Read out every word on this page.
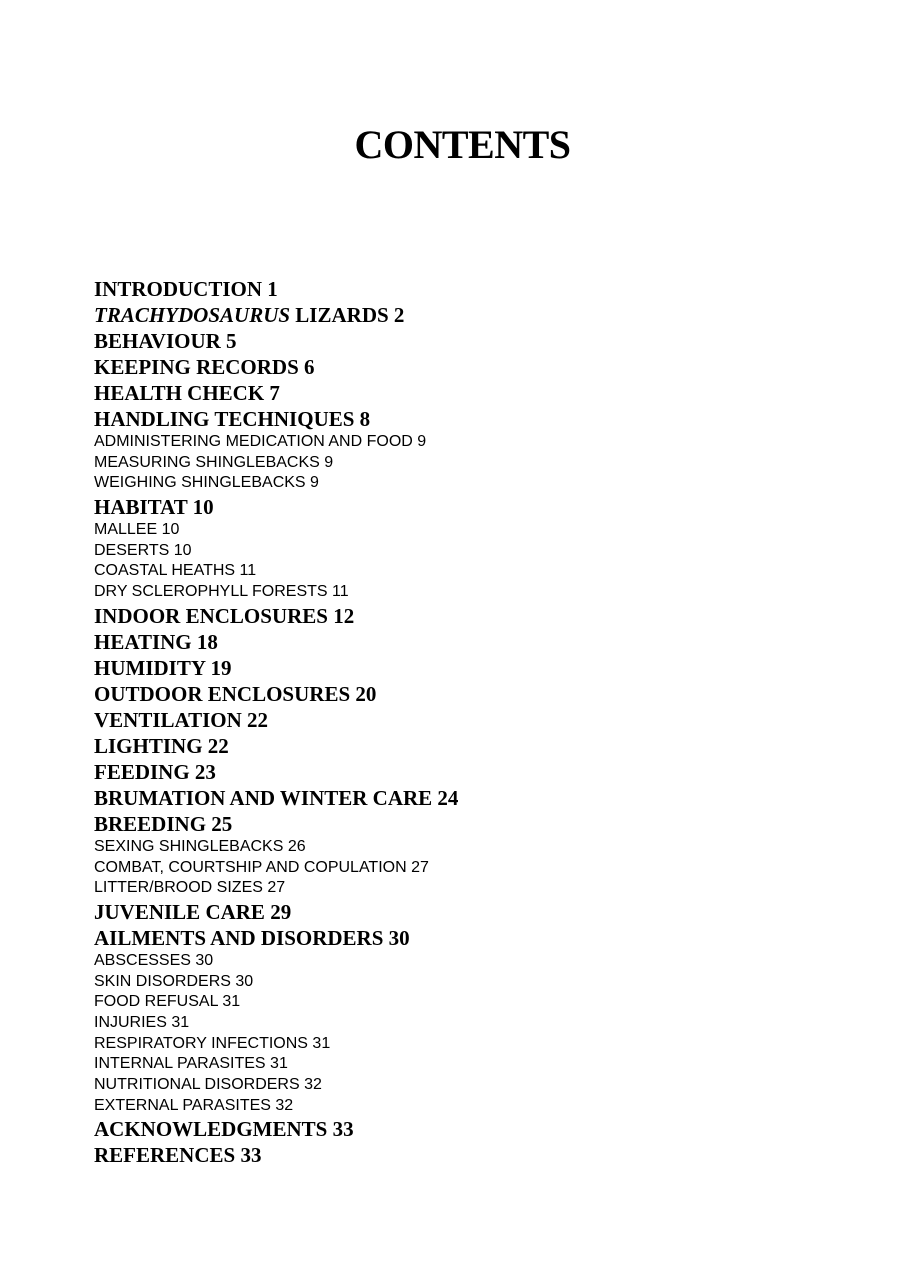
CONTENTS
INTRODUCTION 1
TRACHYDOSAURUS LIZARDS 2
BEHAVIOUR 5
KEEPING RECORDS 6
HEALTH CHECK 7
HANDLING TECHNIQUES 8
ADMINISTERING MEDICATION AND FOOD 9
MEASURING SHINGLEBACKS 9
WEIGHING SHINGLEBACKS 9
HABITAT 10
MALLEE 10
DESERTS 10
COASTAL HEATHS 11
DRY SCLEROPHYLL FORESTS 11
INDOOR ENCLOSURES 12
HEATING 18
HUMIDITY 19
OUTDOOR ENCLOSURES 20
VENTILATION 22
LIGHTING 22
FEEDING 23
BRUMATION AND WINTER CARE 24
BREEDING 25
SEXING SHINGLEBACKS 26
COMBAT, COURTSHIP AND COPULATION 27
LITTER/BROOD SIZES 27
JUVENILE CARE 29
AILMENTS AND DISORDERS 30
ABSCESSES 30
SKIN DISORDERS 30
FOOD REFUSAL 31
INJURIES 31
RESPIRATORY INFECTIONS 31
INTERNAL PARASITES 31
NUTRITIONAL DISORDERS 32
EXTERNAL PARASITES 32
ACKNOWLEDGMENTS 33
REFERENCES 33
